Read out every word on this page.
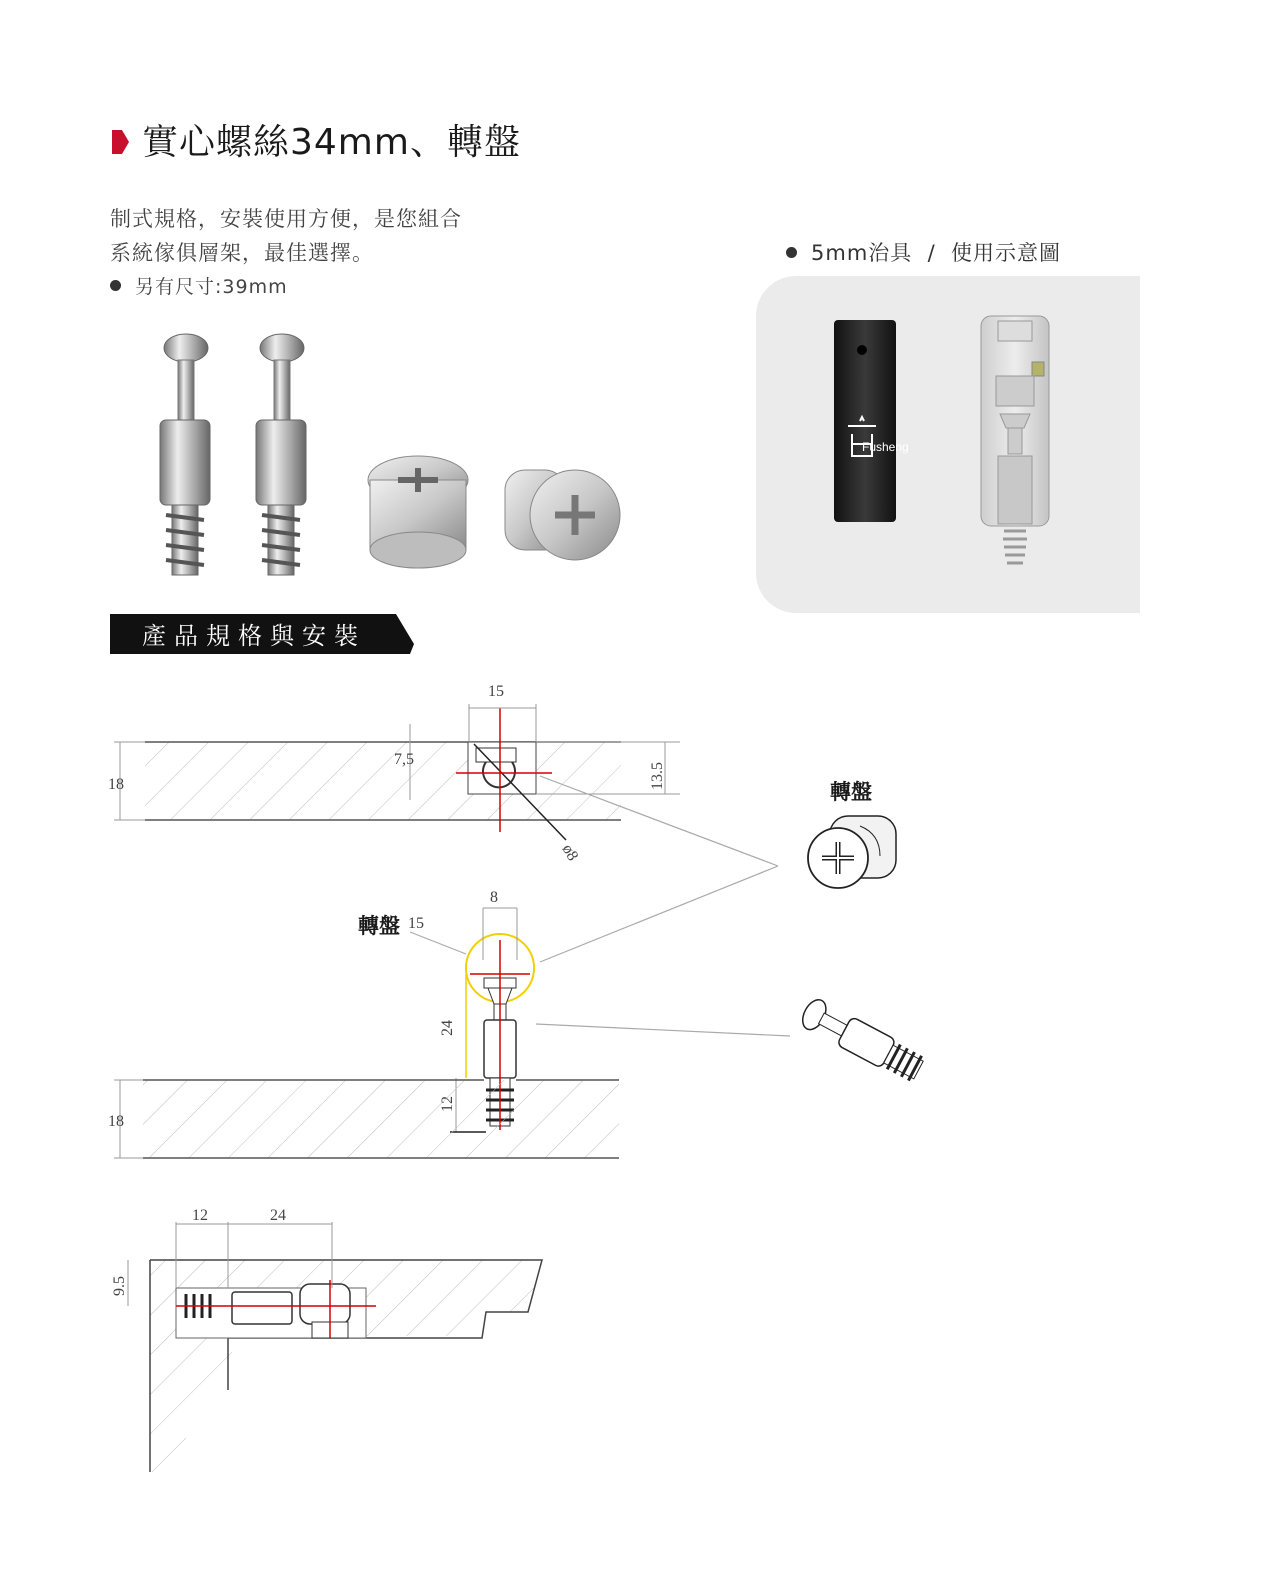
實心螺絲34mm、轉盤
制式規格，安裝使用方便，是您組合
系統傢俱層架，最佳選擇。
另有尺寸:39mm
5mm治具  /  使用示意圖
Fusheng
產品規格與安裝
15
7,5
13.5
18
ø8
8
15
24
18
12	24
9.5
轉盤
轉盤
